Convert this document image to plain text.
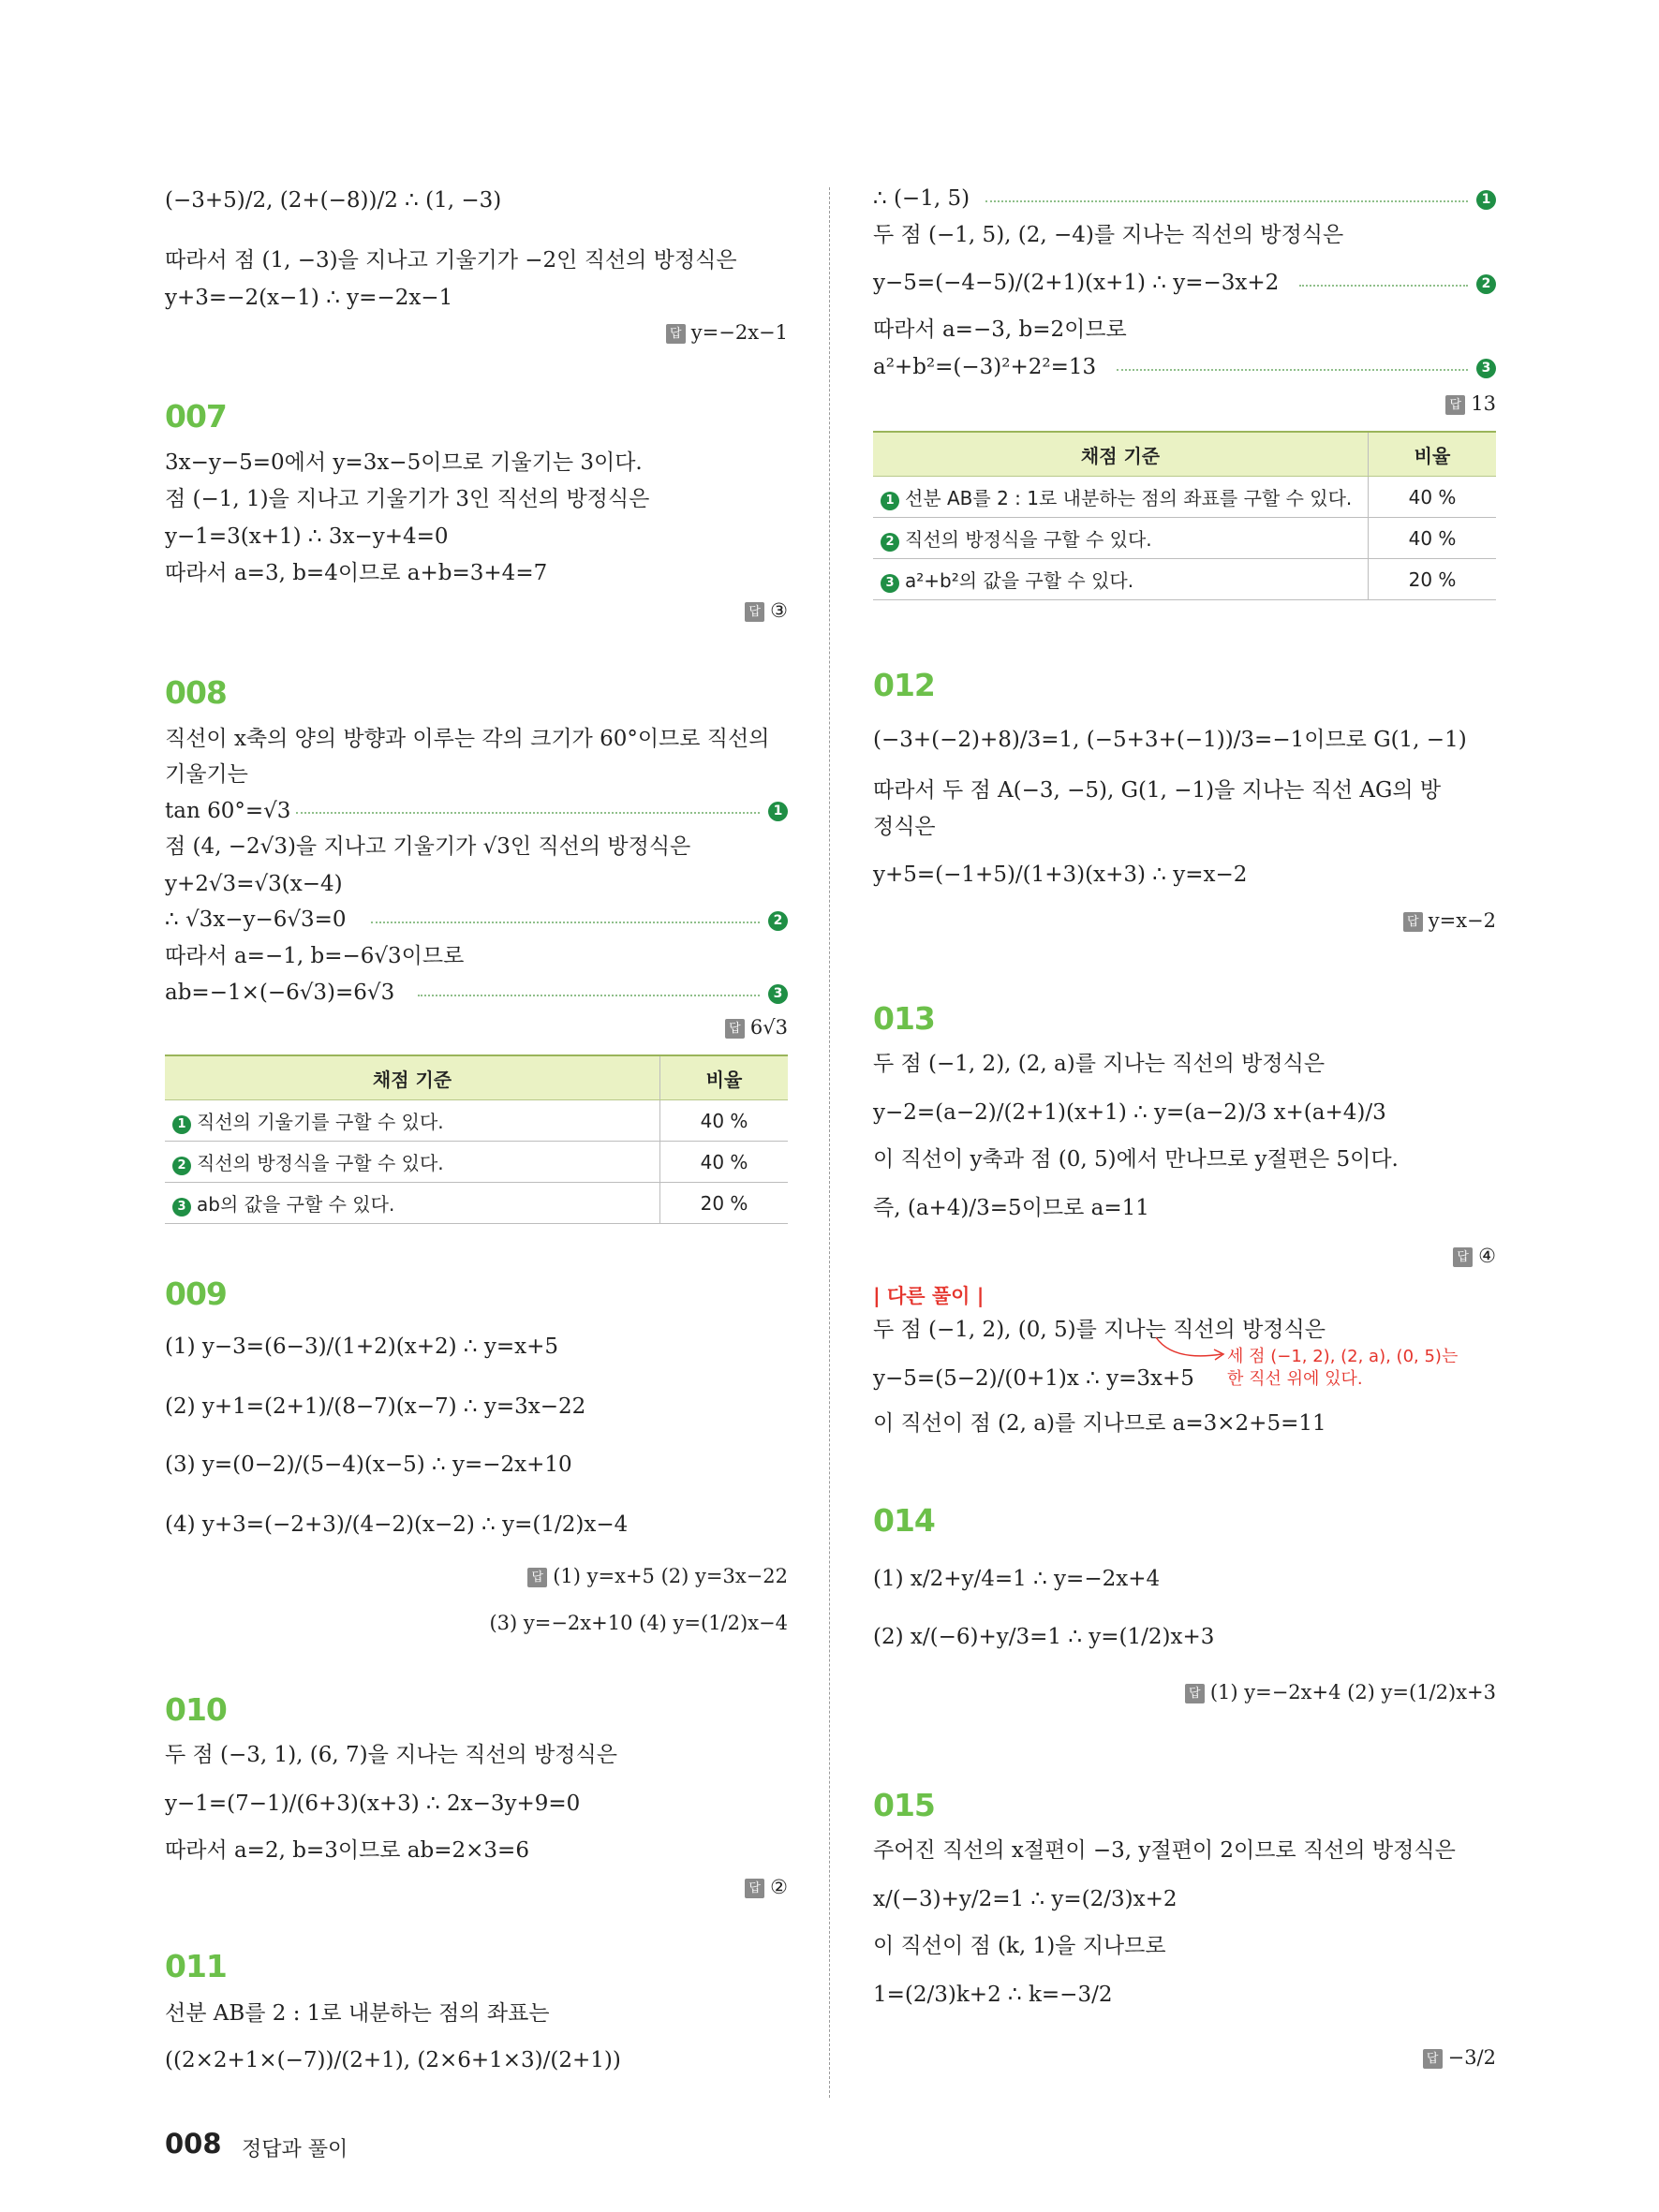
(−3+5)/2, (2+(−8))/2 ∴ (1, −3)
따라서 점 (1, −3)을 지나고 기울기가 −2인 직선의 방정식은
y+3=−2(x−1) ∴ y=−2x−1
답 y=−2x−1
007
3x−y−5=0에서 y=3x−5이므로 기울기는 3이다.
점 (−1, 1)을 지나고 기울기가 3인 직선의 방정식은
y−1=3(x+1) ∴ 3x−y+4=0
따라서 a=3, b=4이므로 a+b=3+4=7
답 ③
008
직선이 x축의 양의 방향과 이루는 각의 크기가 60°이므로 직선의
기울기는
tan 60°=√3	1
점 (4, −2√3)을 지나고 기울기가 √3인 직선의 방정식은
y+2√3=√3(x−4)
∴ √3x−y−6√3=0	2
따라서 a=−1, b=−6√3이므로
ab=−1×(−6√3)=6√3	3
답 6√3
채점 기준	비율
1 직선의 기울기를 구할 수 있다.	40 %
2 직선의 방정식을 구할 수 있다.	40 %
3 ab의 값을 구할 수 있다.	20 %
009
(1) y−3=(6−3)/(1+2)(x+2) ∴ y=x+5
(2) y+1=(2+1)/(8−7)(x−7) ∴ y=3x−22
(3) y=(0−2)/(5−4)(x−5) ∴ y=−2x+10
(4) y+3=(−2+3)/(4−2)(x−2) ∴ y=(1/2)x−4
답 (1) y=x+5 (2) y=3x−22
(3) y=−2x+10 (4) y=(1/2)x−4
010
두 점 (−3, 1), (6, 7)을 지나는 직선의 방정식은
y−1=(7−1)/(6+3)(x+3) ∴ 2x−3y+9=0
따라서 a=2, b=3이므로 ab=2×3=6
답 ②
011
선분 AB를 2 : 1로 내분하는 점의 좌표는
((2×2+1×(−7))/(2+1), (2×6+1×3)/(2+1))
∴ (−1, 5)	1
두 점 (−1, 5), (2, −4)를 지나는 직선의 방정식은
y−5=(−4−5)/(2+1)(x+1) ∴ y=−3x+2	2
따라서 a=−3, b=2이므로
a²+b²=(−3)²+2²=13	3
답 13
채점 기준	비율
1 선분 AB를 2 : 1로 내분하는 점의 좌표를 구할 수 있다.	40 %
2 직선의 방정식을 구할 수 있다.	40 %
3 a²+b²의 값을 구할 수 있다.	20 %
012
(−3+(−2)+8)/3=1, (−5+3+(−1))/3=−1이므로 G(1, −1)
따라서 두 점 A(−3, −5), G(1, −1)을 지나는 직선 AG의 방
정식은
y+5=(−1+5)/(1+3)(x+3) ∴ y=x−2
답 y=x−2
013
두 점 (−1, 2), (2, a)를 지나는 직선의 방정식은
y−2=(a−2)/(2+1)(x+1) ∴ y=(a−2)/3 x+(a+4)/3
이 직선이 y축과 점 (0, 5)에서 만나므로 y절편은 5이다.
즉, (a+4)/3=5이므로 a=11
답 ④
| 다른 풀이 |
두 점 (−1, 2), (0, 5)를 지나는 직선의 방정식은
y−5=(5−2)/(0+1)x ∴ y=3x+5
세 점 (−1, 2), (2, a), (0, 5)는
한 직선 위에 있다.
이 직선이 점 (2, a)를 지나므로 a=3×2+5=11
014
(1) x/2+y/4=1 ∴ y=−2x+4
(2) x/(−6)+y/3=1 ∴ y=(1/2)x+3
답 (1) y=−2x+4 (2) y=(1/2)x+3
015
주어진 직선의 x절편이 −3, y절편이 2이므로 직선의 방정식은
x/(−3)+y/2=1 ∴ y=(2/3)x+2
이 직선이 점 (k, 1)을 지나므로
1=(2/3)k+2 ∴ k=−3/2
답 −3/2
008 정답과 풀이
